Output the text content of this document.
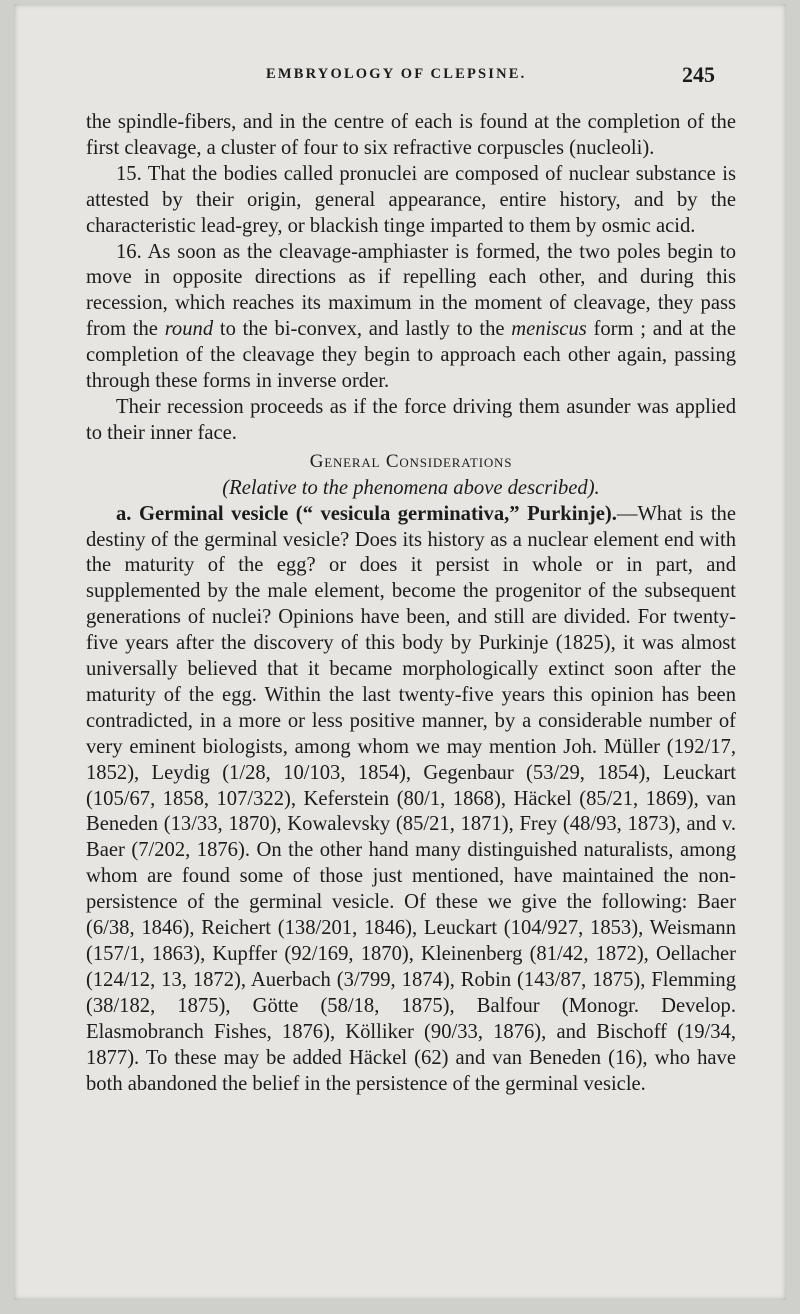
EMBRYOLOGY OF CLEPSINE.	245

the spindle-fibers, and in the centre of each is found at the completion of the first cleavage, a cluster of four to six refractive corpuscles (nucleoli).

15. That the bodies called pronuclei are composed of nuclear substance is attested by their origin, general appearance, entire history, and by the characteristic lead-grey, or blackish tinge imparted to them by osmic acid.

16. As soon as the cleavage-amphiaster is formed, the two poles begin to move in opposite directions as if repelling each other, and during this recession, which reaches its maximum in the moment of cleavage, they pass from the round to the bi-convex, and lastly to the meniscus form ; and at the completion of the cleavage they begin to approach each other again, passing through these forms in inverse order.

Their recession proceeds as if the force driving them asunder was applied to their inner face.

General Considerations
(Relative to the phenomena above described).

a. Germinal vesicle (“ vesicula germinativa,” Purkinje).—What is the destiny of the germinal vesicle? Does its history as a nuclear element end with the maturity of the egg? or does it persist in whole or in part, and supplemented by the male element, become the progenitor of the subsequent generations of nuclei? Opinions have been, and still are divided. For twenty-five years after the discovery of this body by Purkinje (1825), it was almost universally believed that it became morphologically extinct soon after the maturity of the egg. Within the last twenty-five years this opinion has been contradicted, in a more or less positive manner, by a considerable number of very eminent biologists, among whom we may mention Joh. Müller (192/17, 1852), Leydig (1/28, 10/103, 1854), Gegenbaur (53/29, 1854), Leuckart (105/67, 1858, 107/322), Keferstein (80/1, 1868), Häckel (85/21, 1869), van Beneden (13/33, 1870), Kowalevsky (85/21, 1871), Frey (48/93, 1873), and v. Baer (7/202, 1876). On the other hand many distinguished naturalists, among whom are found some of those just mentioned, have maintained the non-persistence of the germinal vesicle. Of these we give the following: Baer (6/38, 1846), Reichert (138/201, 1846), Leuckart (104/927, 1853), Weismann (157/1, 1863), Kupffer (92/169, 1870), Kleinenberg (81/42, 1872), Oellacher (124/12, 13, 1872), Auerbach (3/799, 1874), Robin (143/87, 1875), Flemming (38/182, 1875), Götte (58/18, 1875), Balfour (Monogr. Develop. Elasmobranch Fishes, 1876), Kölliker (90/33, 1876), and Bischoff (19/34, 1877). To these may be added Häckel (62) and van Beneden (16), who have both abandoned the belief in the persistence of the germinal vesicle.
